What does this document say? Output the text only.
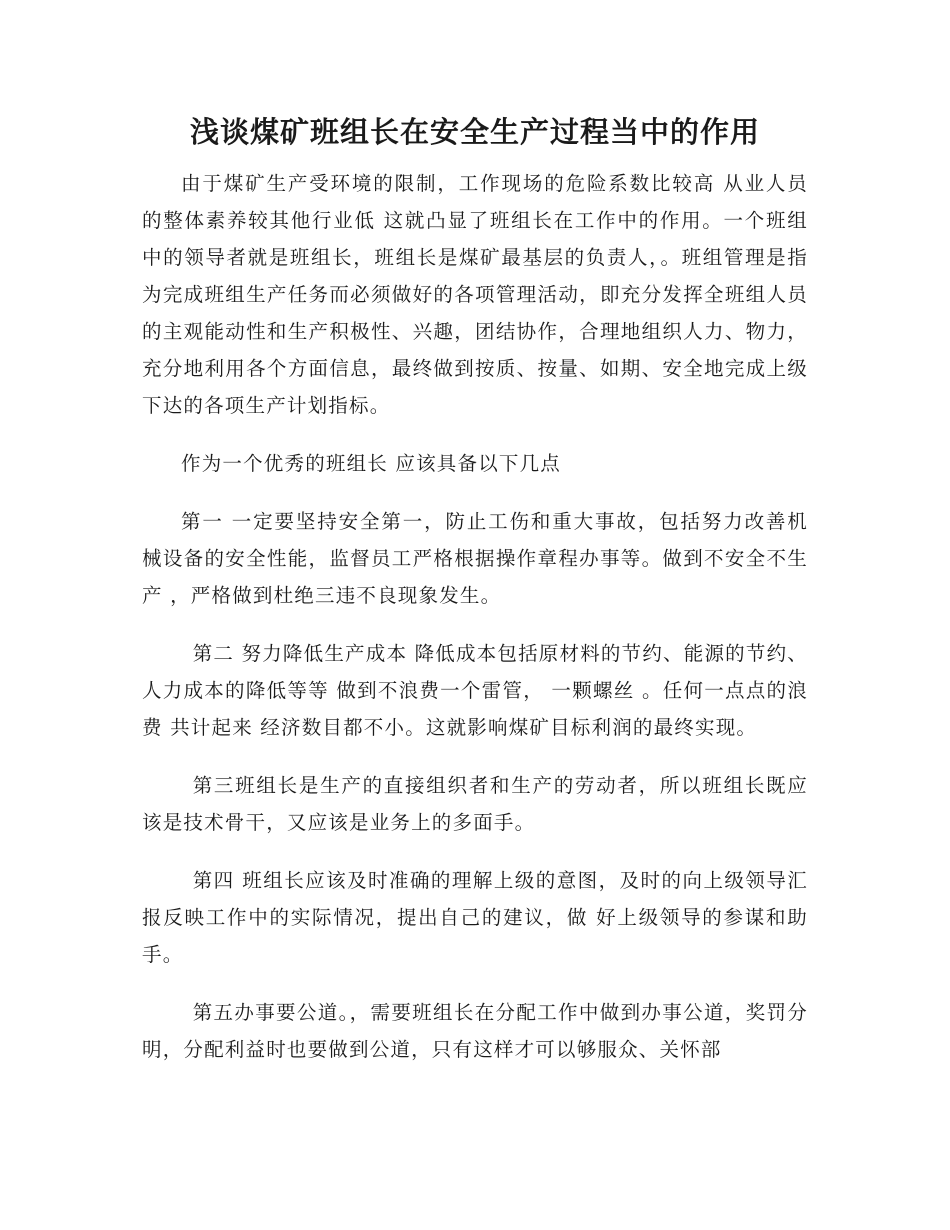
浅谈煤矿班组长在安全生产过程当中的作用

由于煤矿生产受环境的限制，工作现场的危险系数比较高 从业人员的整体素养较其他行业低 这就凸显了班组长在工作中的作用。一个班组中的领导者就是班组长，班组长是煤矿最基层的负责人，。班组管理是指为完成班组生产任务而必须做好的各项管理活动，即充分发挥全班组人员的主观能动性和生产积极性、兴趣，团结协作，合理地组织人力、物力，充分地利用各个方面信息，最终做到按质、按量、如期、安全地完成上级下达的各项生产计划指标。

作为一个优秀的班组长 应该具备以下几点

第一 一定要坚持安全第一，防止工伤和重大事故，包括努力改善机械设备的安全性能，监督员工严格根据操作章程办事等。做到不安全不生产 ，严格做到杜绝三违不良现象发生。

第二 努力降低生产成本 降低成本包括原材料的节约、能源的节约、人力成本的降低等等 做到不浪费一个雷管， 一颗螺丝 。任何一点点的浪费 共计起来 经济数目都不小。这就影响煤矿目标利润的最终实现。

第三班组长是生产的直接组织者和生产的劳动者，所以班组长既应该是技术骨干，又应该是业务上的多面手。

第四 班组长应该及时准确的理解上级的意图，及时的向上级领导汇报反映工作中的实际情况，提出自己的建议，做 好上级领导的参谋和助手。

第五办事要公道。，需要班组长在分配工作中做到办事公道，奖罚分明，分配利益时也要做到公道，只有这样才可以够服众、关怀部
